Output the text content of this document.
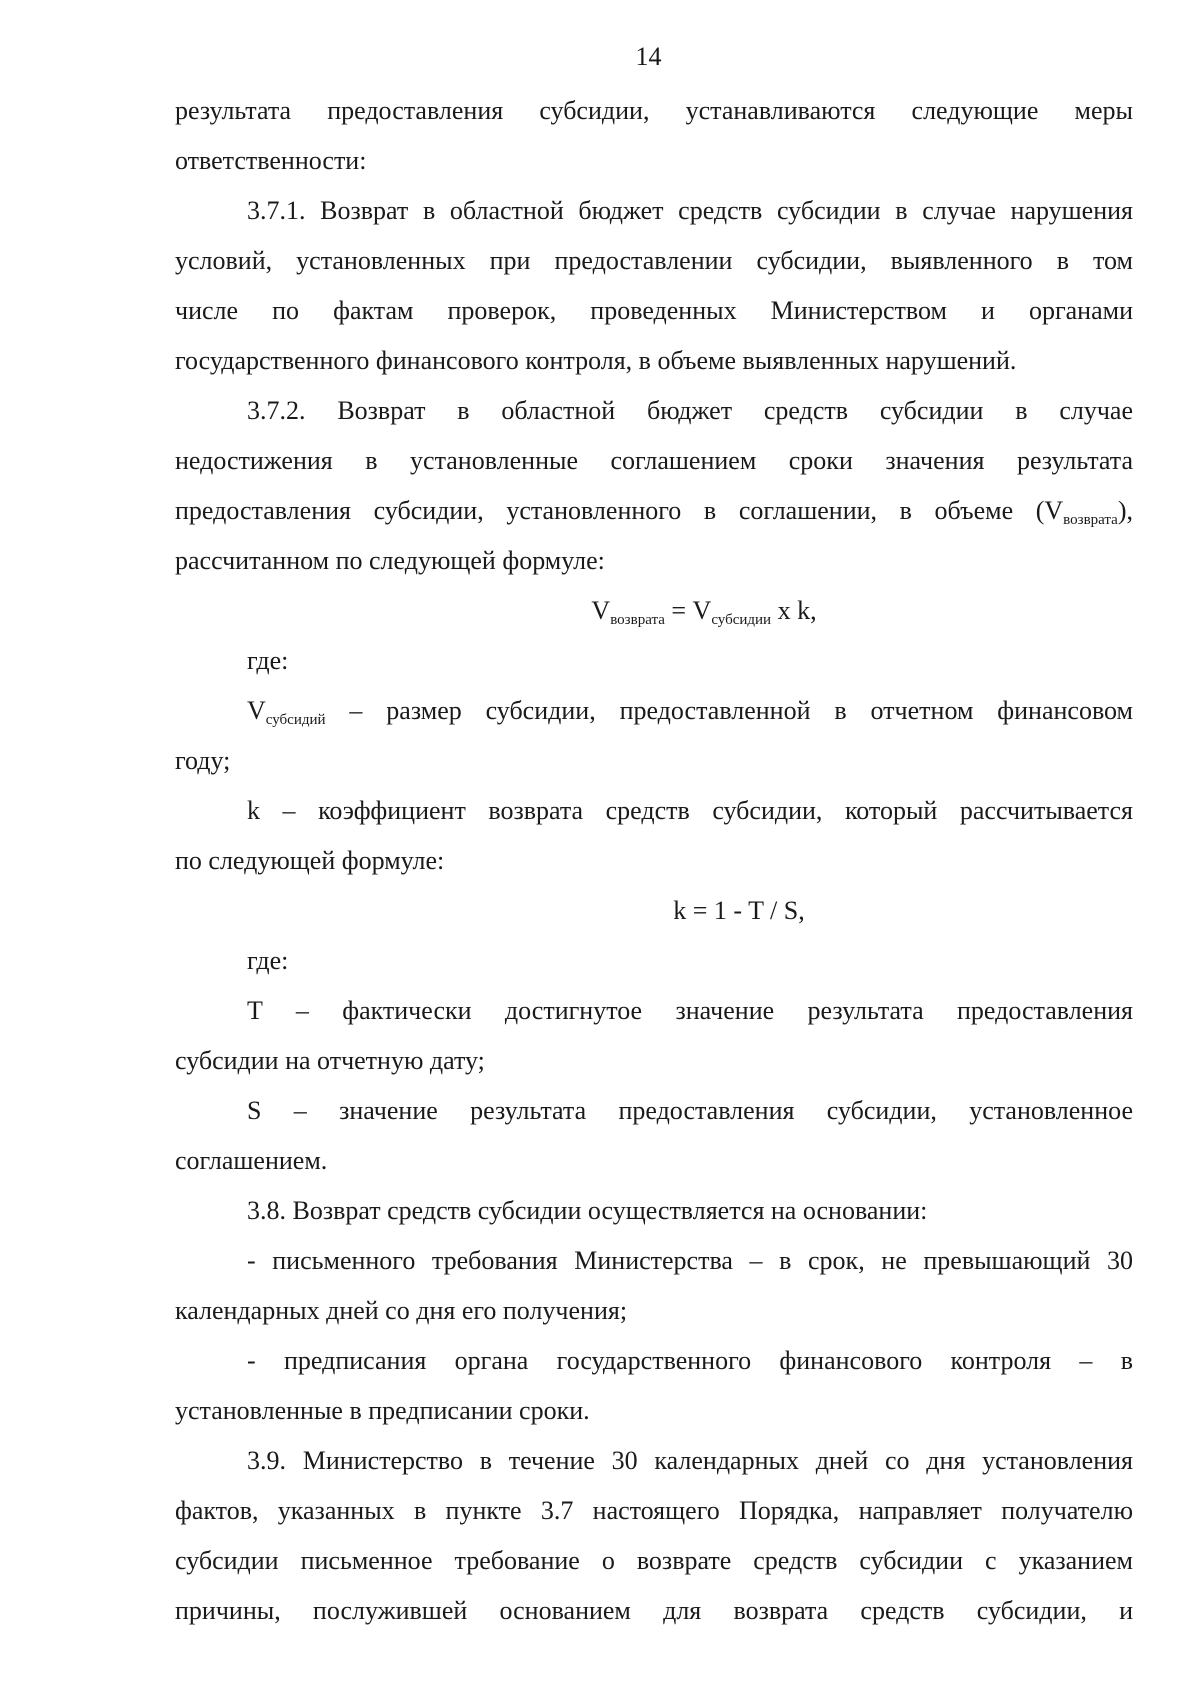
14
результата предоставления субсидии, устанавливаются следующие меры
ответственности:
3.7.1. Возврат в областной бюджет средств субсидии в случае нарушения
условий, установленных при предоставлении субсидии, выявленного в том
числе по фактам проверок, проведенных Министерством и органами
государственного финансового контроля, в объеме выявленных нарушений.
3.7.2. Возврат в областной бюджет средств субсидии в случае
недостижения в установленные соглашением сроки значения результата
предоставления субсидии, установленного в соглашении, в объеме $(V_{возврата})$,
рассчитанном по следующей формуле:
$V_{возврата} = V_{субсидии}$ x k,
где:
$V_{субсидий}$ – размер субсидии, предоставленной в отчетном финансовом
году;
k – коэффициент возврата средств субсидии, который рассчитывается
по следующей формуле:
k = 1 - T / S,
где:
T – фактически достигнутое значение результата предоставления
субсидии на отчетную дату;
S – значение результата предоставления субсидии, установленное
соглашением.
3.8. Возврат средств субсидии осуществляется на основании:
- письменного требования Министерства – в срок, не превышающий 30
календарных дней со дня его получения;
- предписания органа государственного финансового контроля – в
установленные в предписании сроки.
3.9. Министерство в течение 30 календарных дней со дня установления
фактов, указанных в пункте 3.7 настоящего Порядка, направляет получателю
субсидии письменное требование о возврате средств субсидии с указанием
причины, послужившей основанием для возврата средств субсидии, и
